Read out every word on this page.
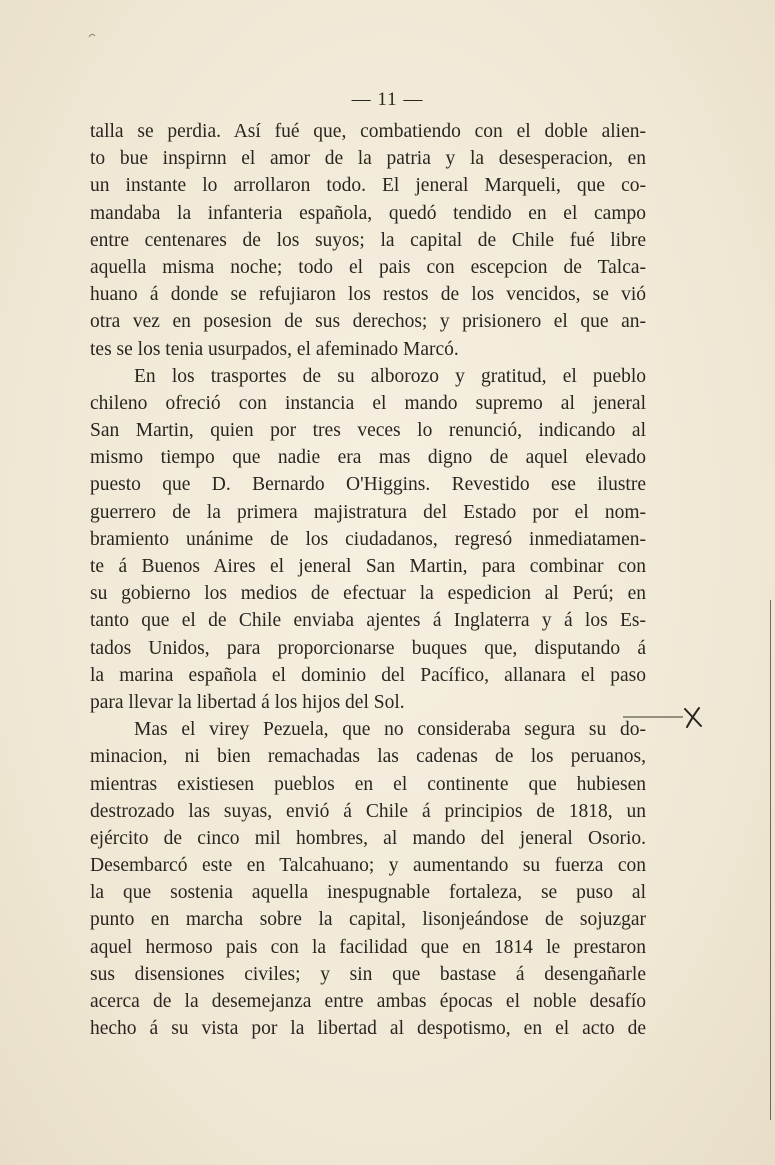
— 11 —
talla se perdia. Así fué que, combatiendo con el doble alien-
to bue inspirnn el amor de la patria y la desesperacion, en
un instante lo arrollaron todo. El jeneral Marqueli, que co-
mandaba la infanteria española, quedó tendido en el campo
entre centenares de los suyos; la capital de Chile fué libre
aquella misma noche; todo el pais con escepcion de Talca-
huano á donde se refujiaron los restos de los vencidos, se vió
otra vez en posesion de sus derechos; y prisionero el que an-
tes se los tenia usurpados, el afeminado Marcó.
En los trasportes de su alborozo y gratitud, el pueblo
chileno ofreció con instancia el mando supremo al jeneral
San Martin, quien por tres veces lo renunció, indicando al
mismo tiempo que nadie era mas digno de aquel elevado
puesto que D. Bernardo O'Higgins. Revestido ese ilustre
guerrero de la primera majistratura del Estado por el nom-
bramiento unánime de los ciudadanos, regresó inmediatamen-
te á Buenos Aires el jeneral San Martin, para combinar con
su gobierno los medios de efectuar la espedicion al Perú; en
tanto que el de Chile enviaba ajentes á Inglaterra y á los Es-
tados Unidos, para proporcionarse buques que, disputando á
la marina española el dominio del Pacífico, allanara el paso
para llevar la libertad á los hijos del Sol.
Mas el virey Pezuela, que no consideraba segura su do-
minacion, ni bien remachadas las cadenas de los peruanos,
mientras existiesen pueblos en el continente que hubiesen
destrozado las suyas, envió á Chile á principios de 1818, un
ejército de cinco mil hombres, al mando del jeneral Osorio.
Desembarcó este en Talcahuano; y aumentando su fuerza con
la que sostenia aquella inespugnable fortaleza, se puso al
punto en marcha sobre la capital, lisonjeándose de sojuzgar
aquel hermoso pais con la facilidad que en 1814 le prestaron
sus disensiones civiles; y sin que bastase á desengañarle
acerca de la desemejanza entre ambas épocas el noble desafío
hecho á su vista por la libertad al despotismo, en el acto de
